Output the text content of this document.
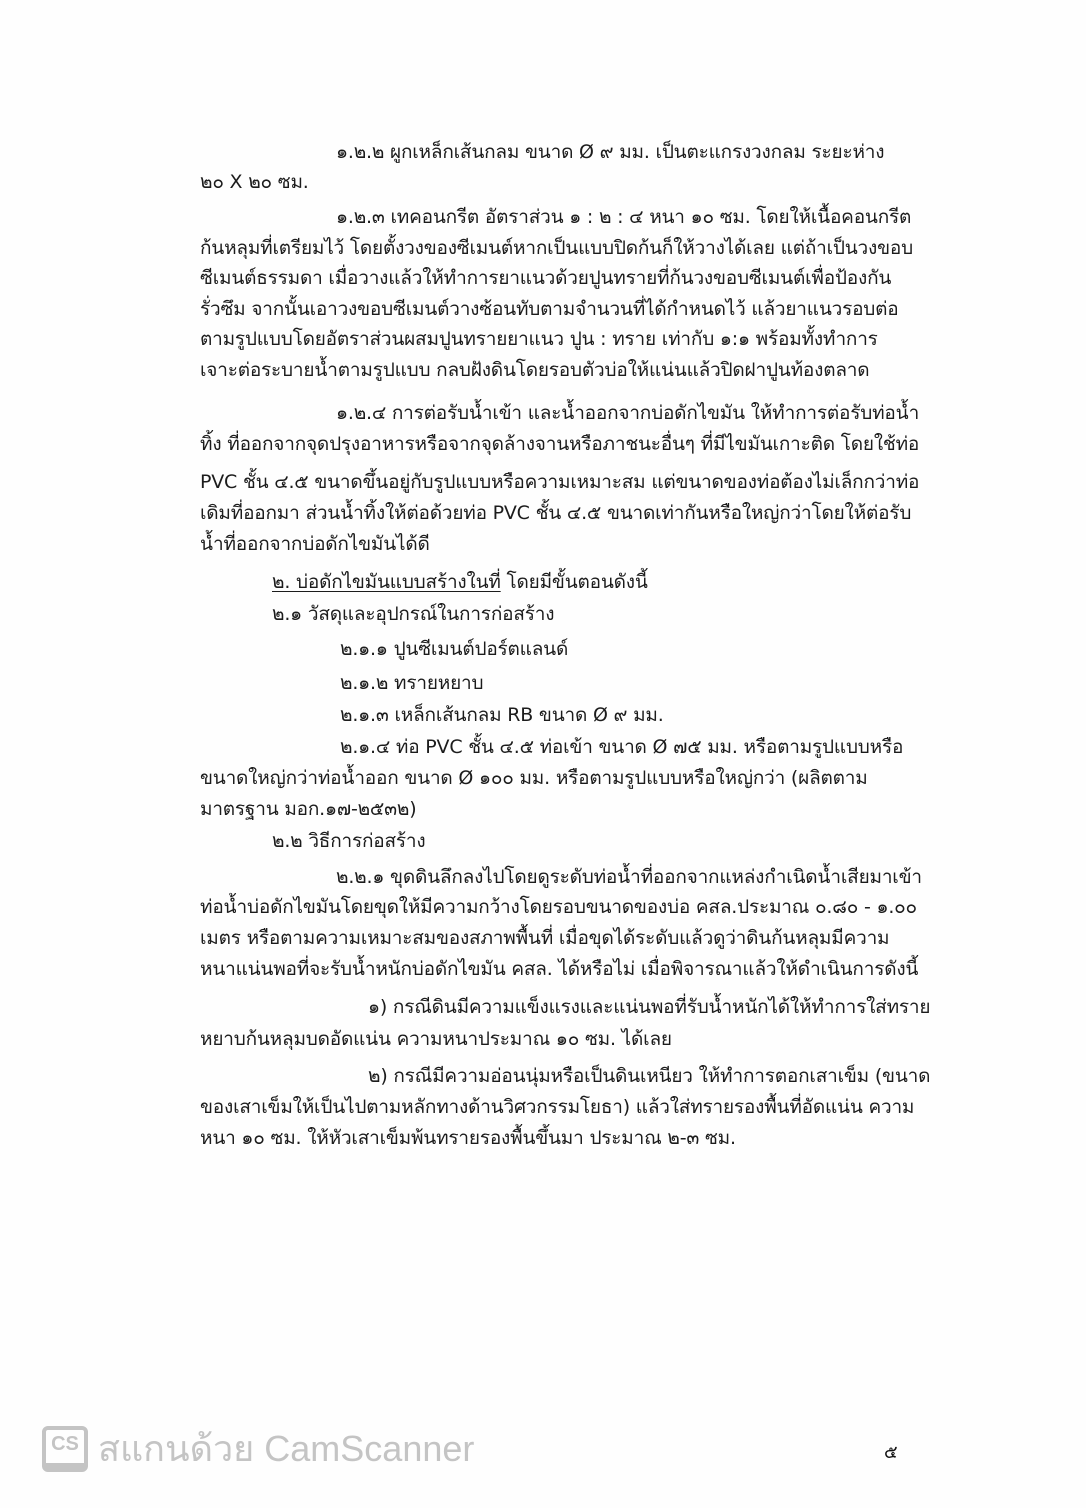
๑.๒.๒ ผูกเหล็กเส้นกลม ขนาด Ø ๙ มม. เป็นตะแกรงวงกลม ระยะห่าง
๒๐ X ๒๐ ซม.
๑.๒.๓ เทคอนกรีต อัตราส่วน ๑ : ๒ : ๔ หนา ๑๐ ซม. โดยให้เนื้อคอนกรีต
ก้นหลุมที่เตรียมไว้ โดยตั้งวงของซีเมนต์หากเป็นแบบปิดก้นก็ให้วางได้เลย แต่ถ้าเป็นวงขอบ
ซีเมนต์ธรรมดา เมื่อวางแล้วให้ทำการยาแนวด้วยปูนทรายที่ก้นวงขอบซีเมนต์เพื่อป้องกัน
รั่วซึม จากนั้นเอาวงขอบซีเมนต์วางซ้อนทับตามจำนวนที่ได้กำหนดไว้ แล้วยาแนวรอบต่อ
ตามรูปแบบโดยอัตราส่วนผสมปูนทรายยาแนว ปูน : ทราย เท่ากับ ๑:๑ พร้อมทั้งทำการ
เจาะต่อระบายน้ำตามรูปแบบ กลบฝังดินโดยรอบตัวบ่อให้แน่นแล้วปิดฝาปูนท้องตลาด
๑.๒.๔ การต่อรับน้ำเข้า และน้ำออกจากบ่อดักไขมัน ให้ทำการต่อรับท่อน้ำ
ทิ้ง ที่ออกจากจุดปรุงอาหารหรือจากจุดล้างจานหรือภาชนะอื่นๆ ที่มีไขมันเกาะติด โดยใช้ท่อ
PVC ชั้น ๔.๕ ขนาดขึ้นอยู่กับรูปแบบหรือความเหมาะสม แต่ขนาดของท่อต้องไม่เล็กกว่าท่อ
เดิมที่ออกมา ส่วนน้ำทิ้งให้ต่อด้วยท่อ PVC ชั้น ๔.๕ ขนาดเท่ากันหรือใหญ่กว่าโดยให้ต่อรับ
น้ำที่ออกจากบ่อดักไขมันได้ดี
๒.๑ วัสดุและอุปกรณ์ในการก่อสร้าง
๒.๑.๑ ปูนซีเมนต์ปอร์ตแลนด์
๒.๑.๒ ทรายหยาบ
๒.๑.๓ เหล็กเส้นกลม RB ขนาด Ø ๙ มม.
๒.๑.๔ ท่อ PVC ชั้น ๔.๕ ท่อเข้า ขนาด Ø ๗๕ มม. หรือตามรูปแบบหรือ
ขนาดใหญ่กว่าท่อน้ำออก ขนาด Ø ๑๐๐ มม. หรือตามรูปแบบหรือใหญ่กว่า (ผลิตตาม
มาตรฐาน มอก.๑๗-๒๕๓๒)
๒.๒ วิธีการก่อสร้าง
๒.๒.๑ ขุดดินลึกลงไปโดยดูระดับท่อน้ำที่ออกจากแหล่งกำเนิดน้ำเสียมาเข้า
ท่อน้ำบ่อดักไขมันโดยขุดให้มีความกว้างโดยรอบขนาดของบ่อ คสล.ประมาณ ๐.๘๐ - ๑.๐๐
เมตร หรือตามความเหมาะสมของสภาพพื้นที่ เมื่อขุดได้ระดับแล้วดูว่าดินก้นหลุมมีความ
หนาแน่นพอที่จะรับน้ำหนักบ่อดักไขมัน คสล. ได้หรือไม่ เมื่อพิจารณาแล้วให้ดำเนินการดังนี้
๑) กรณีดินมีความแข็งแรงและแน่นพอที่รับน้ำหนักได้ให้ทำการใส่ทราย
หยาบก้นหลุมบดอัดแน่น ความหนาประมาณ ๑๐ ซม. ได้เลย
๒) กรณีมีความอ่อนนุ่มหรือเป็นดินเหนียว ให้ทำการตอกเสาเข็ม (ขนาด
ของเสาเข็มให้เป็นไปตามหลักทางด้านวิศวกรรมโยธา) แล้วใส่ทรายรองพื้นที่อัดแน่น ความ
หนา ๑๐ ซม. ให้หัวเสาเข็มพ้นทรายรองพื้นขึ้นมา ประมาณ ๒-๓ ซม.
๒. บ่อดักไขมันแบบสร้างในที่ โดยมีขั้นตอนดังนี้
๕
CS สแกนด้วย CamScanner
